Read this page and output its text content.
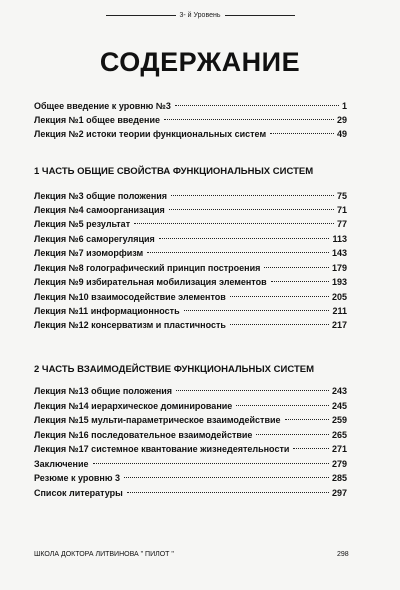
3- й Уровень
СОДЕРЖАНИЕ
Общее введение к уровню №3	1
Лекция №1 общее введение	29
Лекция №2 истоки теории функциональных систем	49
1 ЧАСТЬ ОБЩИЕ СВОЙСТВА ФУНКЦИОНАЛЬНЫХ СИСТЕМ
Лекция №3 общие положения	75
Лекция №4 самоорганизация	71
Лекция №5 результат	77
Лекция №6 саморегуляция	113
Лекция №7 изоморфизм	143
Лекция №8 голографический принцип построения	179
Лекция №9 избирательная мобилизация элементов	193
Лекция №10 взаимосодействие элементов	205
Лекция №11 информационность	211
Лекция №12 консерватизм и пластичность	217
2 ЧАСТЬ ВЗАИМОДЕЙСТВИЕ ФУНКЦИОНАЛЬНЫХ СИСТЕМ
Лекция №13 общие положения	243
Лекция №14 иерархическое доминирование	245
Лекция №15 мульти-параметрическое взаимодействие	259
Лекция №16 последовательное взаимодействие	265
Лекция №17 системное квантование жизнедеятельности	271
Заключение	279
Резюме к уровню 3	285
Список литературы	297
ШКОЛА ДОКТОРА ЛИТВИНОВА " ПИЛОТ "	298
